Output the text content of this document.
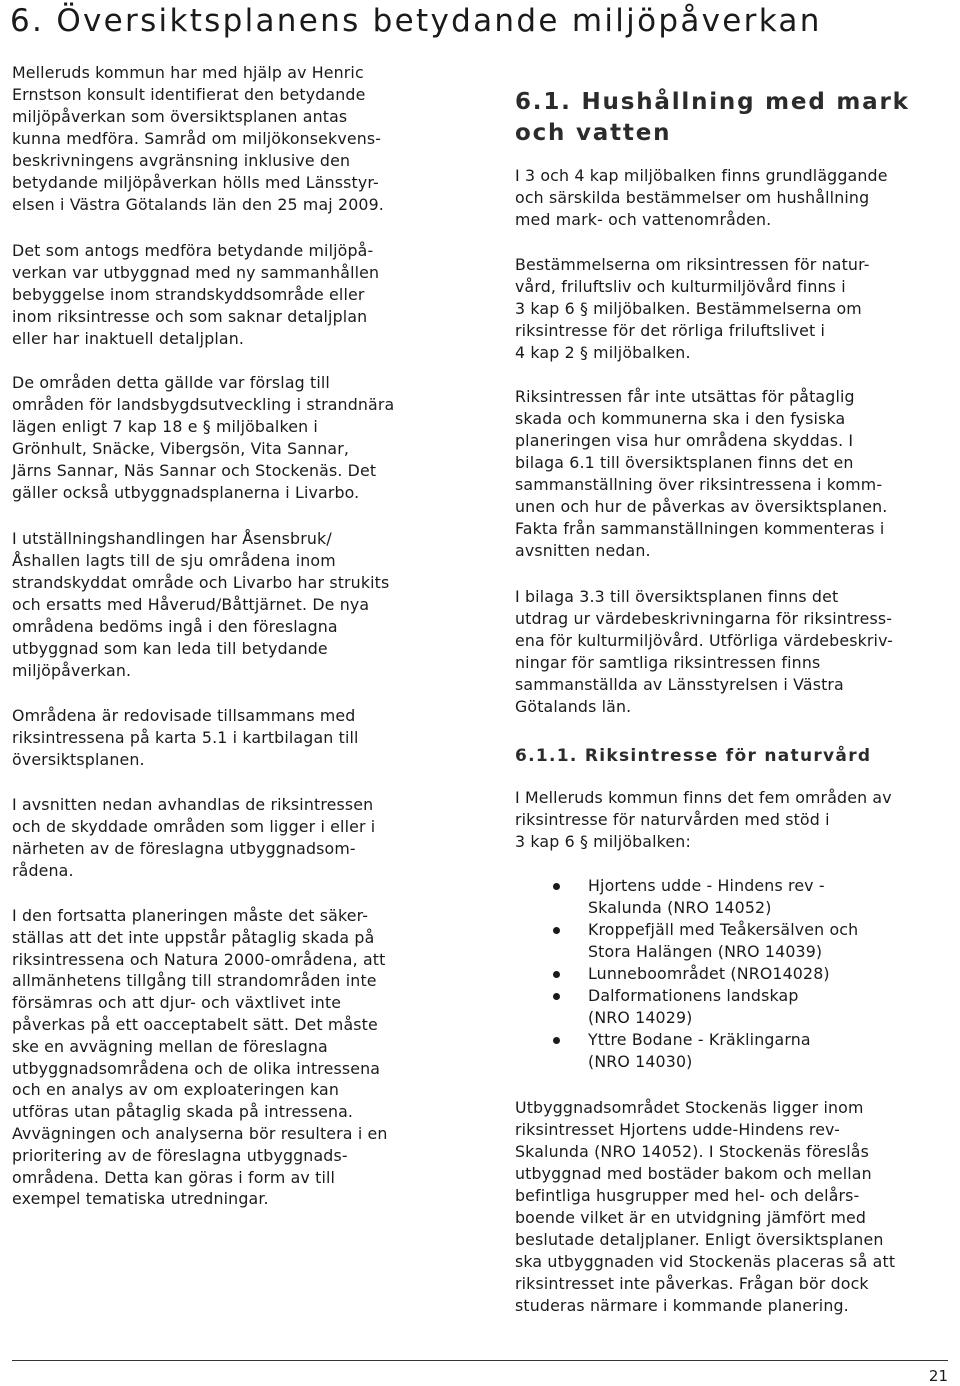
6. Översiktsplanens betydande miljöpåverkan

Melleruds kommun har med hjälp av Henric
Ernstson konsult identifierat den betydande
miljöpåverkan som översiktsplanen antas
kunna medföra. Samråd om miljökonsekvens-
beskrivningens avgränsning inklusive den
betydande miljöpåverkan hölls med Länsstyr-
elsen i Västra Götalands län den 25 maj 2009.

Det som antogs medföra betydande miljöpå-
verkan var utbyggnad med ny sammanhållen
bebyggelse inom strandskyddsområde eller
inom riksintresse och som saknar detaljplan
eller har inaktuell detaljplan.

De områden detta gällde var förslag till
områden för landsbygdsutveckling i strandnära
lägen enligt 7 kap 18 e § miljöbalken i
Grönhult, Snäcke, Vibergsön, Vita Sannar,
Järns Sannar, Näs Sannar och Stockenäs. Det
gäller också utbyggnadsplanerna i Livarbo.

I utställningshandlingen har Åsensbruk/
Åshallen lagts till de sju områdena inom
strandskyddat område och Livarbo har strukits
och ersatts med Håverud/Båttjärnet. De nya
områdena bedöms ingå i den föreslagna
utbyggnad som kan leda till betydande
miljöpåverkan.

Områdena är redovisade tillsammans med
riksintressena på karta 5.1 i kartbilagan till
översiktsplanen.

I avsnitten nedan avhandlas de riksintressen
och de skyddade områden som ligger i eller i
närheten av de föreslagna utbyggnadsom-
rådena.

I den fortsatta planeringen måste det säker-
ställas att det inte uppstår påtaglig skada på
riksintressena och Natura 2000-områdena, att
allmänhetens tillgång till strandområden inte
försämras och att djur- och växtlivet inte
påverkas på ett oacceptabelt sätt. Det måste
ske en avvägning mellan de föreslagna
utbyggnadsområdena och de olika intressena
och en analys av om exploateringen kan
utföras utan påtaglig skada på intressena.
Avvägningen och analyserna bör resultera i en
prioritering av de föreslagna utbyggnads-
områdena. Detta kan göras i form av till
exempel tematiska utredningar.

6.1. Hushållning med mark
och vatten

I 3 och 4 kap miljöbalken finns grundläggande
och särskilda bestämmelser om hushållning
med mark- och vattenområden.

Bestämmelserna om riksintressen för natur-
vård, friluftsliv och kulturmiljövård finns i
3 kap 6 § miljöbalken. Bestämmelserna om
riksintresse för det rörliga friluftslivet i
4 kap 2 § miljöbalken.

Riksintressen får inte utsättas för påtaglig
skada och kommunerna ska i den fysiska
planeringen visa hur områdena skyddas. I
bilaga 6.1 till översiktsplanen finns det en
sammanställning över riksintressena i komm-
unen och hur de påverkas av översiktsplanen.
Fakta från sammanställningen kommenteras i
avsnitten nedan.

I bilaga 3.3 till översiktsplanen finns det
utdrag ur värdebeskrivningarna för riksintress-
ena för kulturmiljövård. Utförliga värdebeskriv-
ningar för samtliga riksintressen finns
sammanställda av Länsstyrelsen i Västra
Götalands län.

6.1.1. Riksintresse för naturvård

I Melleruds kommun finns det fem områden av
riksintresse för naturvården med stöd i
3 kap 6 § miljöbalken:

Hjortens udde - Hindens rev -
Skalunda (NRO 14052)
Kroppefjäll med Teåkersälven och
Stora Halängen (NRO 14039)
Lunneboområdet (NRO14028)
Dalformationens landskap
(NRO 14029)
Yttre Bodane - Kräklingarna
(NRO 14030)

Utbyggnadsområdet Stockenäs ligger inom
riksintresset Hjortens udde-Hindens rev-
Skalunda (NRO 14052). I Stockenäs föreslås
utbyggnad med bostäder bakom och mellan
befintliga husgrupper med hel- och delårs-
boende vilket är en utvidgning jämfört med
beslutade detaljplaner. Enligt översiktsplanen
ska utbyggnaden vid Stockenäs placeras så att
riksintresset inte påverkas. Frågan bör dock
studeras närmare i kommande planering.

21
